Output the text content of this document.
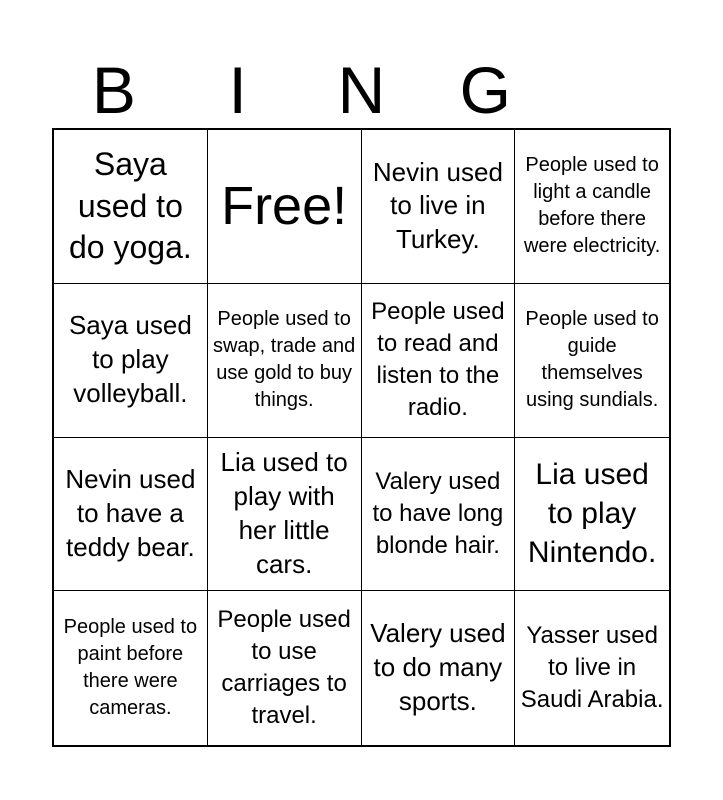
B	I	N	G
Saya used to do yoga.
Free!
Nevin used to live in Turkey.
People used to light a candle before there were electricity.
Saya used to play volleyball.
People used to swap, trade and use gold to buy things.
People used to read and listen to the radio.
People used to guide themselves using sundials.
Nevin used to have a teddy bear.
Lia used to play with her little cars.
Valery used to have long blonde hair.
Lia used to play Nintendo.
People used to paint before there were cameras.
People used to use carriages to travel.
Valery used to do many sports.
Yasser used to live in Saudi Arabia.
